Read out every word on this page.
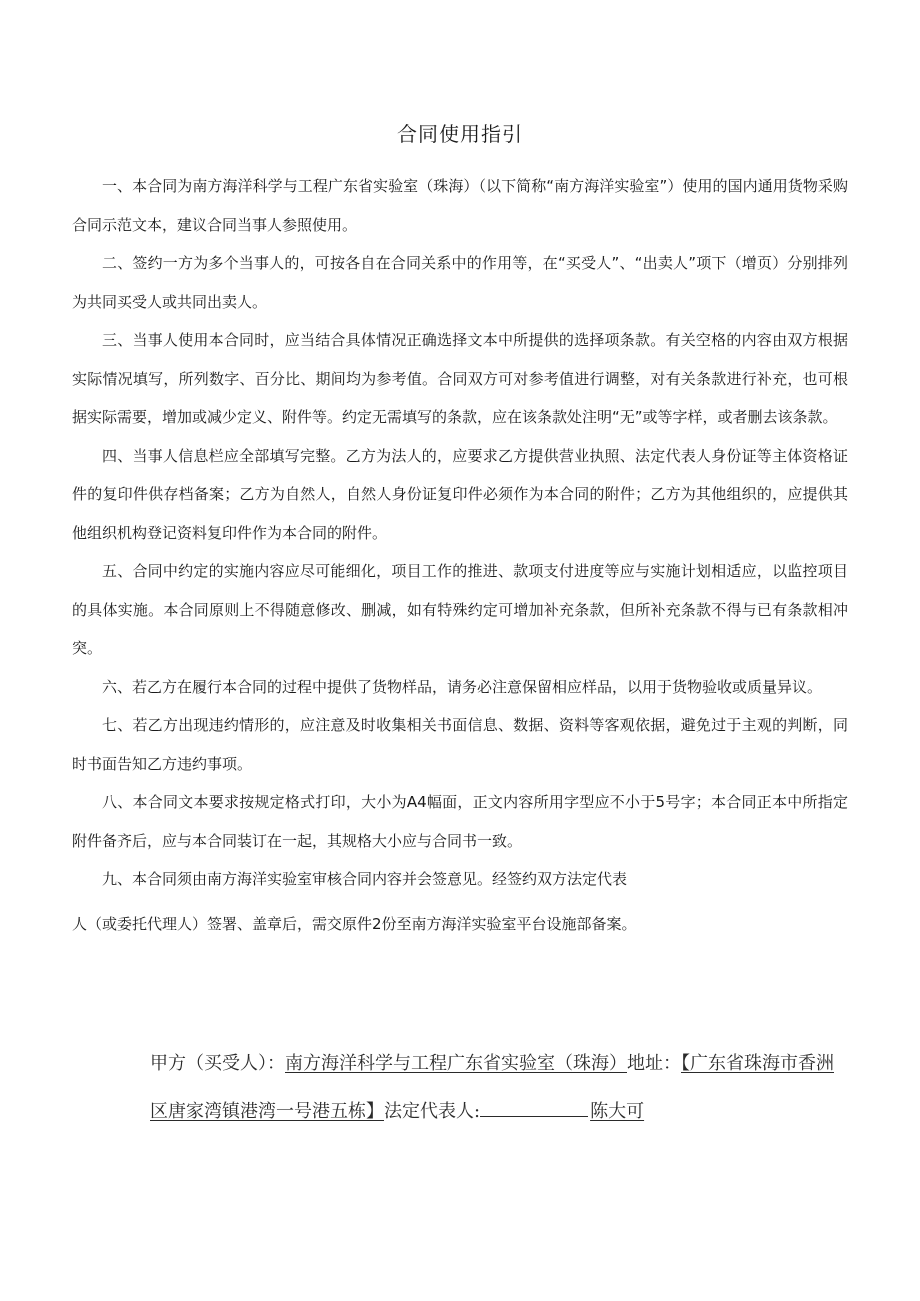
合同使用指引

一、本合同为南方海洋科学与工程广东省实验室（珠海）（以下简称“南方海洋实验室”）使用的国内通用货物采购合同示范文本，建议合同当事人参照使用。

二、签约一方为多个当事人的，可按各自在合同关系中的作用等，在“买受人”、“出卖人”项下（增页）分别排列为共同买受人或共同出卖人。

三、当事人使用本合同时，应当结合具体情况正确选择文本中所提供的选择项条款。有关空格的内容由双方根据实际情况填写，所列数字、百分比、期间均为参考值。合同双方可对参考值进行调整，对有关条款进行补充，也可根据实际需要，增加或减少定义、附件等。约定无需填写的条款，应在该条款处注明“无”或等字样，或者删去该条款。

四、当事人信息栏应全部填写完整。乙方为法人的，应要求乙方提供营业执照、法定代表人身份证等主体资格证件的复印件供存档备案；乙方为自然人，自然人身份证复印件必须作为本合同的附件；乙方为其他组织的，应提供其他组织机构登记资料复印件作为本合同的附件。

五、合同中约定的实施内容应尽可能细化，项目工作的推进、款项支付进度等应与实施计划相适应，以监控项目的具体实施。本合同原则上不得随意修改、删减，如有特殊约定可增加补充条款，但所补充条款不得与已有条款相冲突。

六、若乙方在履行本合同的过程中提供了货物样品，请务必注意保留相应样品，以用于货物验收或质量异议。

七、若乙方出现违约情形的，应注意及时收集相关书面信息、数据、资料等客观依据，避免过于主观的判断，同时书面告知乙方违约事项。

八、本合同文本要求按规定格式打印，大小为A4幅面，正文内容所用字型应不小于5号字；本合同正本中所指定附件备齐后，应与本合同装订在一起，其规格大小应与合同书一致。

九、本合同须由南方海洋实验室审核合同内容并会签意见。经签约双方法定代表

人（或委托代理人）签署、盖章后，需交原件2份至南方海洋实验室平台设施部备案。

甲方（买受人）：南方海洋科学与工程广东省实验室（珠海）地址：【广东省珠海市香洲区唐家湾镇港湾一号港五栋】法定代表人:	陈大可
